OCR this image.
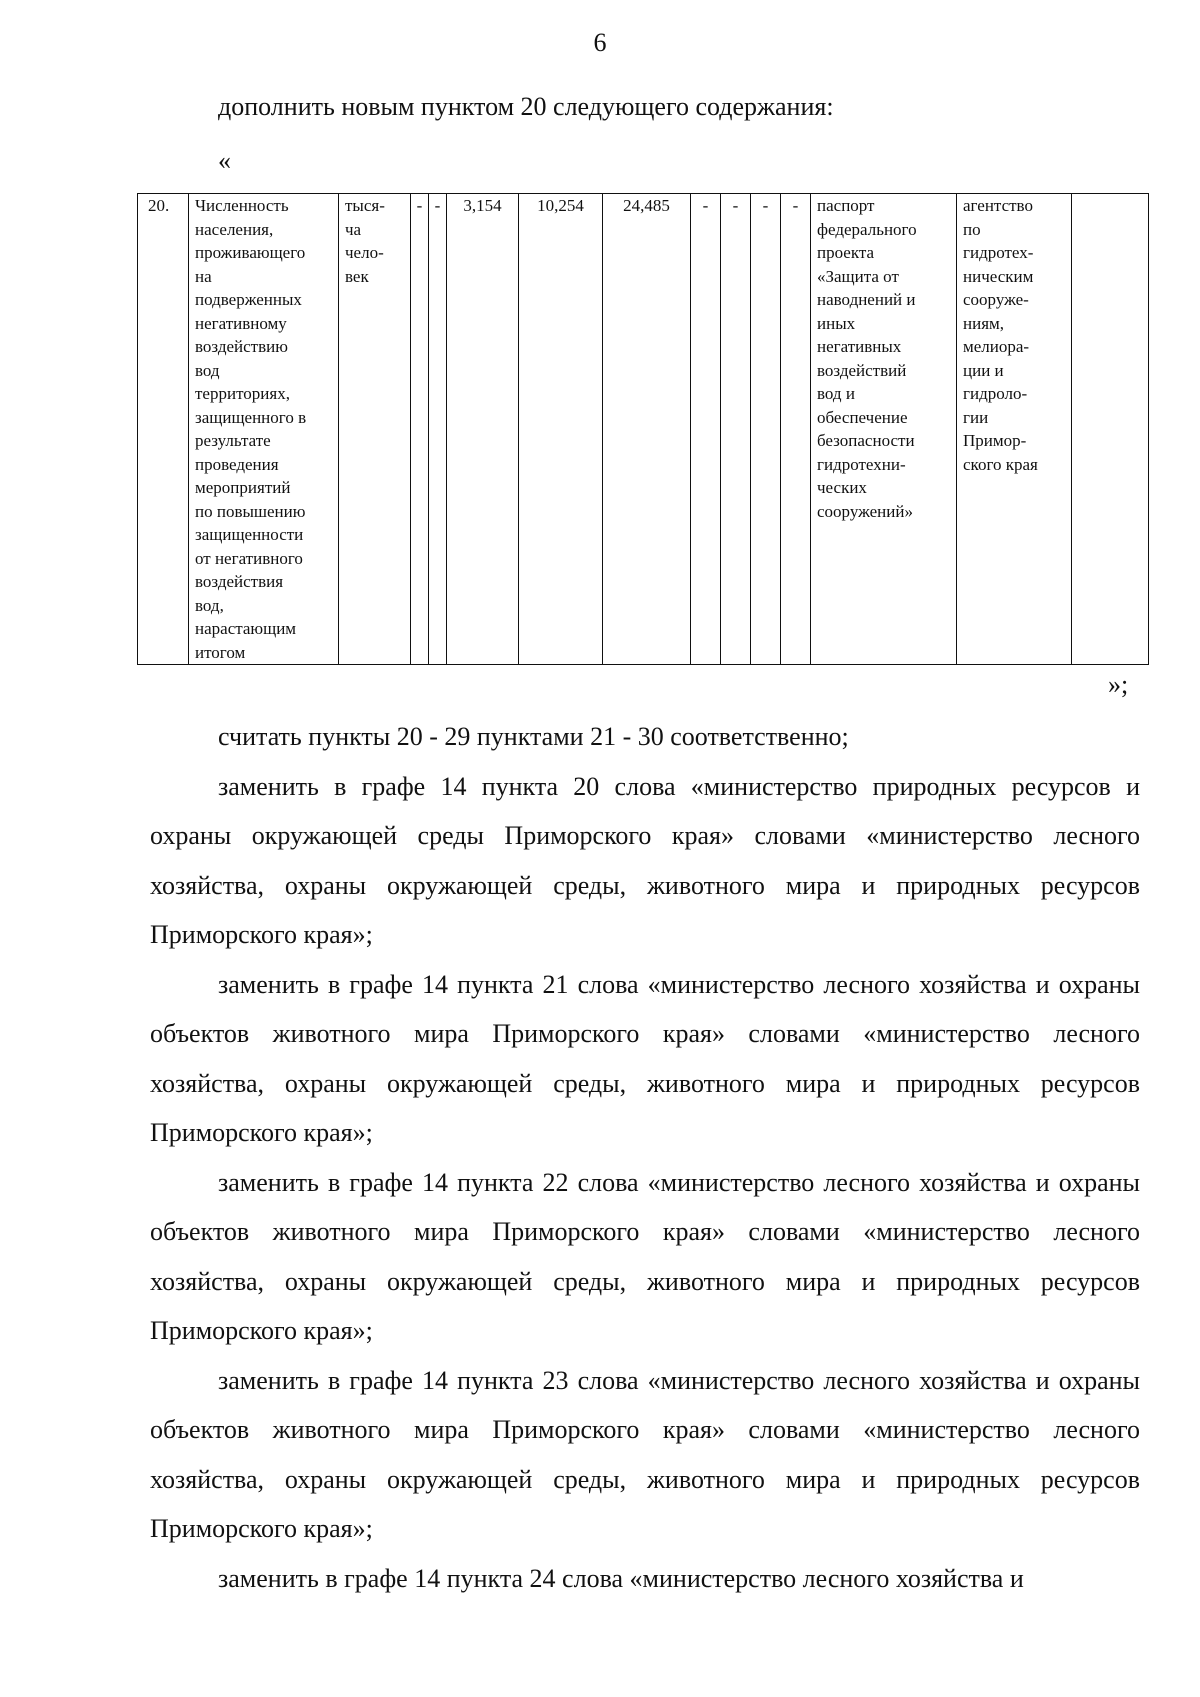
6
дополнить новым пунктом 20 следующего содержания:
«
20.	Численность
населения,
проживающего
на
подверженных
негативному
воздействию
вод
территориях,
защищенного в
результате
проведения
мероприятий
по повышению
защищенности
от негативного
воздействия
вод,
нарастающим
итогом	тыся-
ча
чело-
век	-	-	3,154	10,254	24,485	-	-	-	-	паспорт
федерального
проекта
«Защита от
наводнений и
иных
негативных
воздействий
вод и
обеспечение
безопасности
гидротехни-
ческих
сооружений»	агентство
по
гидротех-
ническим
сооруже-
ниям,
мелиора-
ции и
гидроло-
гии
Примор-
ского края	
»;

считать пункты 20 - 29 пунктами 21 - 30 соответственно;

заменить в графе 14 пункта 20 слова «министерство природных ресурсов и охраны окружающей среды Приморского края» словами «министерство лесного хозяйства, охраны окружающей среды, животного мира и природных ресурсов Приморского края»;

заменить в графе 14 пункта 21 слова «министерство лесного хозяйства и охраны объектов животного мира Приморского края» словами «министерство лесного хозяйства, охраны окружающей среды, животного мира и природных ресурсов Приморского края»;

заменить в графе 14 пункта 22 слова «министерство лесного хозяйства и охраны объектов животного мира Приморского края» словами «министерство лесного хозяйства, охраны окружающей среды, животного мира и природных ресурсов Приморского края»;

заменить в графе 14 пункта 23 слова «министерство лесного хозяйства и охраны объектов животного мира Приморского края» словами «министерство лесного хозяйства, охраны окружающей среды, животного мира и природных ресурсов Приморского края»;

заменить в графе 14 пункта 24 слова «министерство лесного хозяйства и
